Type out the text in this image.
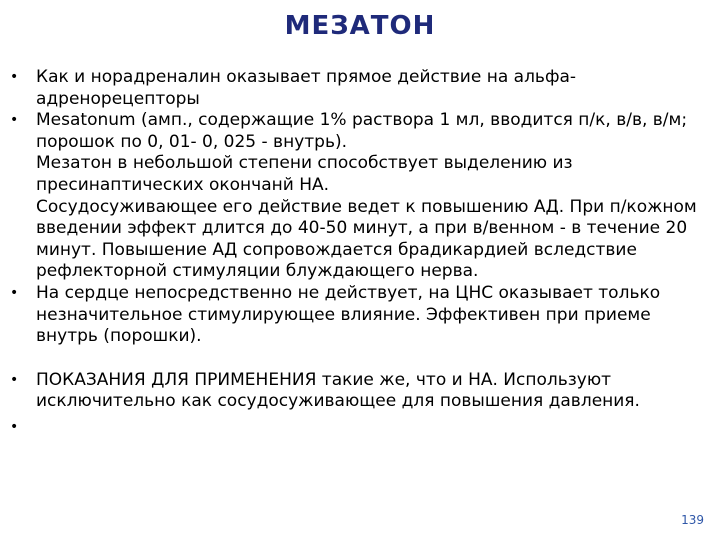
МЕЗАТОН
•	Как и норадреналин оказывает прямое действие на альфа-адренорецепторы
•	Mesatonum (амп., содержащие 1% раствора 1 мл, вводится п/к, в/в, в/м; порошок по 0, 01- 0, 025 - внутрь).
Мезатон в небольшой степени способствует выделению из пресинаптических окончанй НА.
Сосудосуживающее его действие ведет к повышению АД. При п/кожном введении эффект длится до 40-50 минут, а при в/венном - в течение 20 минут. Повышение АД сопровождается брадикардией вследствие рефлекторной стимуляции блуждающего нерва.
•	На сердце непосредственно не действует, на ЦНС оказывает только незначительное стимулирующее влияние. Эффективен при приеме внутрь (порошки).
•	ПОКАЗАНИЯ ДЛЯ ПРИМЕНЕНИЯ такие же, что и НА. Используют исключительно как сосудосуживающее для повышения давления.
•

139
